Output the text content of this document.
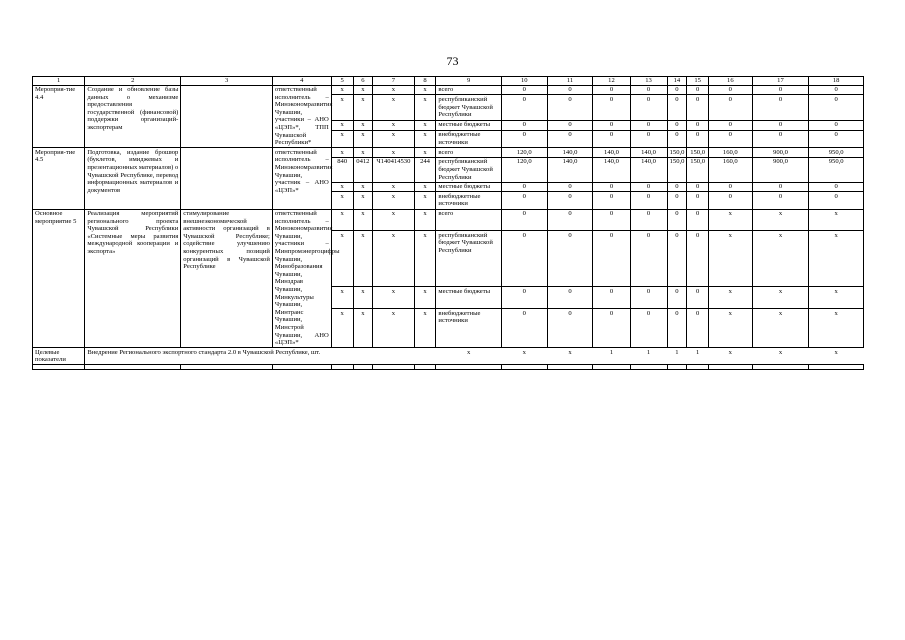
73
1	2	3	4	5	6	7	8	9	10	11	12	13	14	15	16	17	18
Мероприя-тие 4.4	Создание и обновление базы данных о механизме предоставления государственной (финансовой) поддержки организаций-экспортерам		ответственный исполнитель – Минэкономразвития Чувашии, участники – АНО «ЦЭП»*, ТПП Чувашской Республики*	x	x	x	x	всего	0	0	0	0	0	0	0	0	0
				x	x	x	x	республиканский бюджет Чувашской Республики	0	0	0	0	0	0	0	0	0
				x	x	x	x	местные бюджеты	0	0	0	0	0	0	0	0	0
				x	x	x	x	внебюджетные источники	0	0	0	0	0	0	0	0	0
Мероприя-тие 4.5	Подготовка, издание брошюр (буклетов, имиджевых и презентационных материалов) о Чувашской Республике, перевод информационных материалов и документов		ответственный исполнитель – Минэкономразвития Чувашии, участник – АНО «ЦЭП»*	x	x	x	x	всего	120,0	140,0	140,0	140,0	150,0	150,0	160,0	900,0	950,0
				840	0412	Ч140414530	244	республиканский бюджет Чувашской Республики	120,0	140,0	140,0	140,0	150,0	150,0	160,0	900,0	950,0
				x	x	x	x	местные бюджеты	0	0	0	0	0	0	0	0	0
				x	x	x	x	внебюджетные источники	0	0	0	0	0	0	0	0	0
Основное мероприятие 5	Реализация мероприятий регионального проекта Чувашской Республики «Системные меры развития международной кооперации и экспорта»	стимулирование внешнеэкономической активности организаций в Чувашской Республике; содействие улучшению конкурентных позиций организаций в Чувашской Республике	ответственный исполнитель – Минэкономразвития Чувашии, участники – Минпромэнергоцифры Чувашии, Минобразования Чувашии, Минздрав Чувашии, Минкультуры Чувашии, Минтранс Чувашии, Минстрой Чувашии, АНО «ЦЭП»*	x	x	x	x	всего	0	0	0	0	0	0	x	x	x
				x	x	x	x	республиканский бюджет Чувашской Республики	0	0	0	0	0	0	x	x	x
				x	x	x	x	местные бюджеты	0	0	0	0	0	0	x	x	x
				x	x	x	x	внебюджетные источники	0	0	0	0	0	0	x	x	x
Целевые показатели	Внедрение Регионального экспортного стандарта 2.0 в Чувашской Республике, шт.							x	x	x	1	1	1	1	x	x	x
